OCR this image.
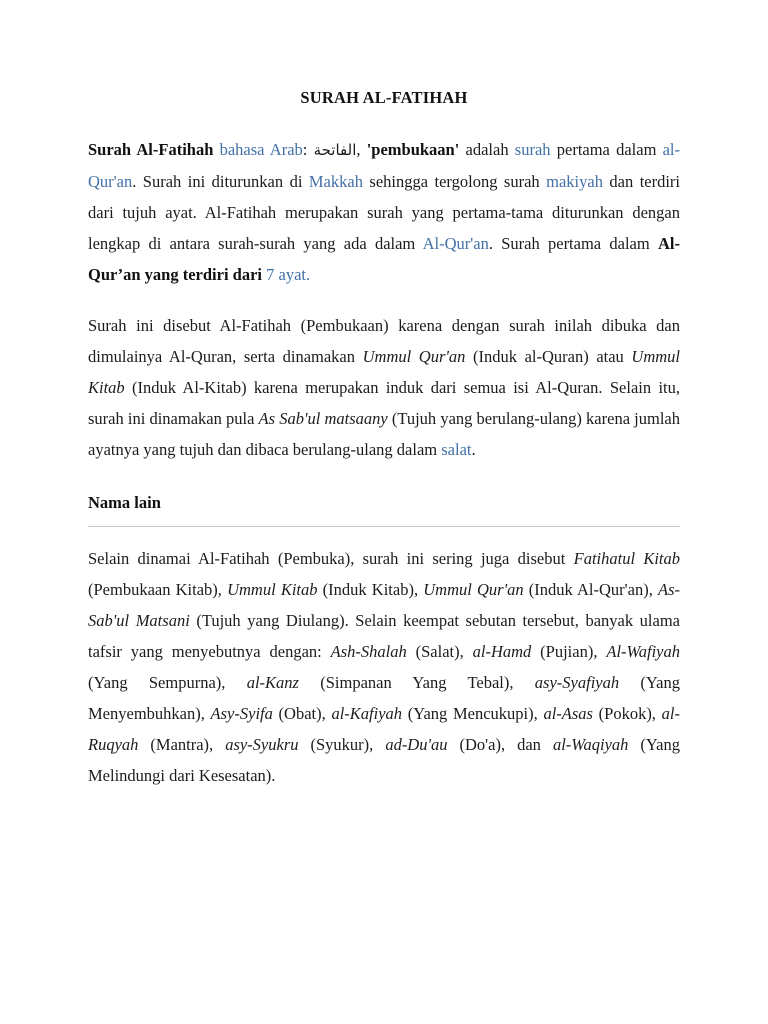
SURAH AL-FATIHAH

Surah Al-Fatihah bahasa Arab: الفاتحة, 'pembukaan' adalah surah pertama dalam al-Qur'an. Surah ini diturunkan di Makkah sehingga tergolong surah makiyah dan terdiri dari tujuh ayat. Al-Fatihah merupakan surah yang pertama-tama diturunkan dengan lengkap di antara surah-surah yang ada dalam Al-Qur'an. Surah pertama dalam Al-Qur’an yang terdiri dari 7 ayat.

Surah ini disebut Al-Fatihah (Pembukaan) karena dengan surah inilah dibuka dan dimulainya Al-Quran, serta dinamakan Ummul Qur'an (Induk al-Quran) atau Ummul Kitab (Induk Al-Kitab) karena merupakan induk dari semua isi Al-Quran. Selain itu, surah ini dinamakan pula As Sab'ul matsaany (Tujuh yang berulang-ulang) karena jumlah ayatnya yang tujuh dan dibaca berulang-ulang dalam salat.

Nama lain

Selain dinamai Al-Fatihah (Pembuka), surah ini sering juga disebut Fatihatul Kitab (Pembukaan Kitab), Ummul Kitab (Induk Kitab), Ummul Qur'an (Induk Al-Qur'an), As-Sab'ul Matsani (Tujuh yang Diulang). Selain keempat sebutan tersebut, banyak ulama tafsir yang menyebutnya dengan: Ash-Shalah (Salat), al-Hamd (Pujian), Al-Wafiyah (Yang Sempurna), al-Kanz (Simpanan Yang Tebal), asy-Syafiyah (Yang Menyembuhkan), Asy-Syifa (Obat), al-Kafiyah (Yang Mencukupi), al-Asas (Pokok), al-Ruqyah (Mantra), asy-Syukru (Syukur), ad-Du'au (Do'a), dan al-Waqiyah (Yang Melindungi dari Kesesatan).
